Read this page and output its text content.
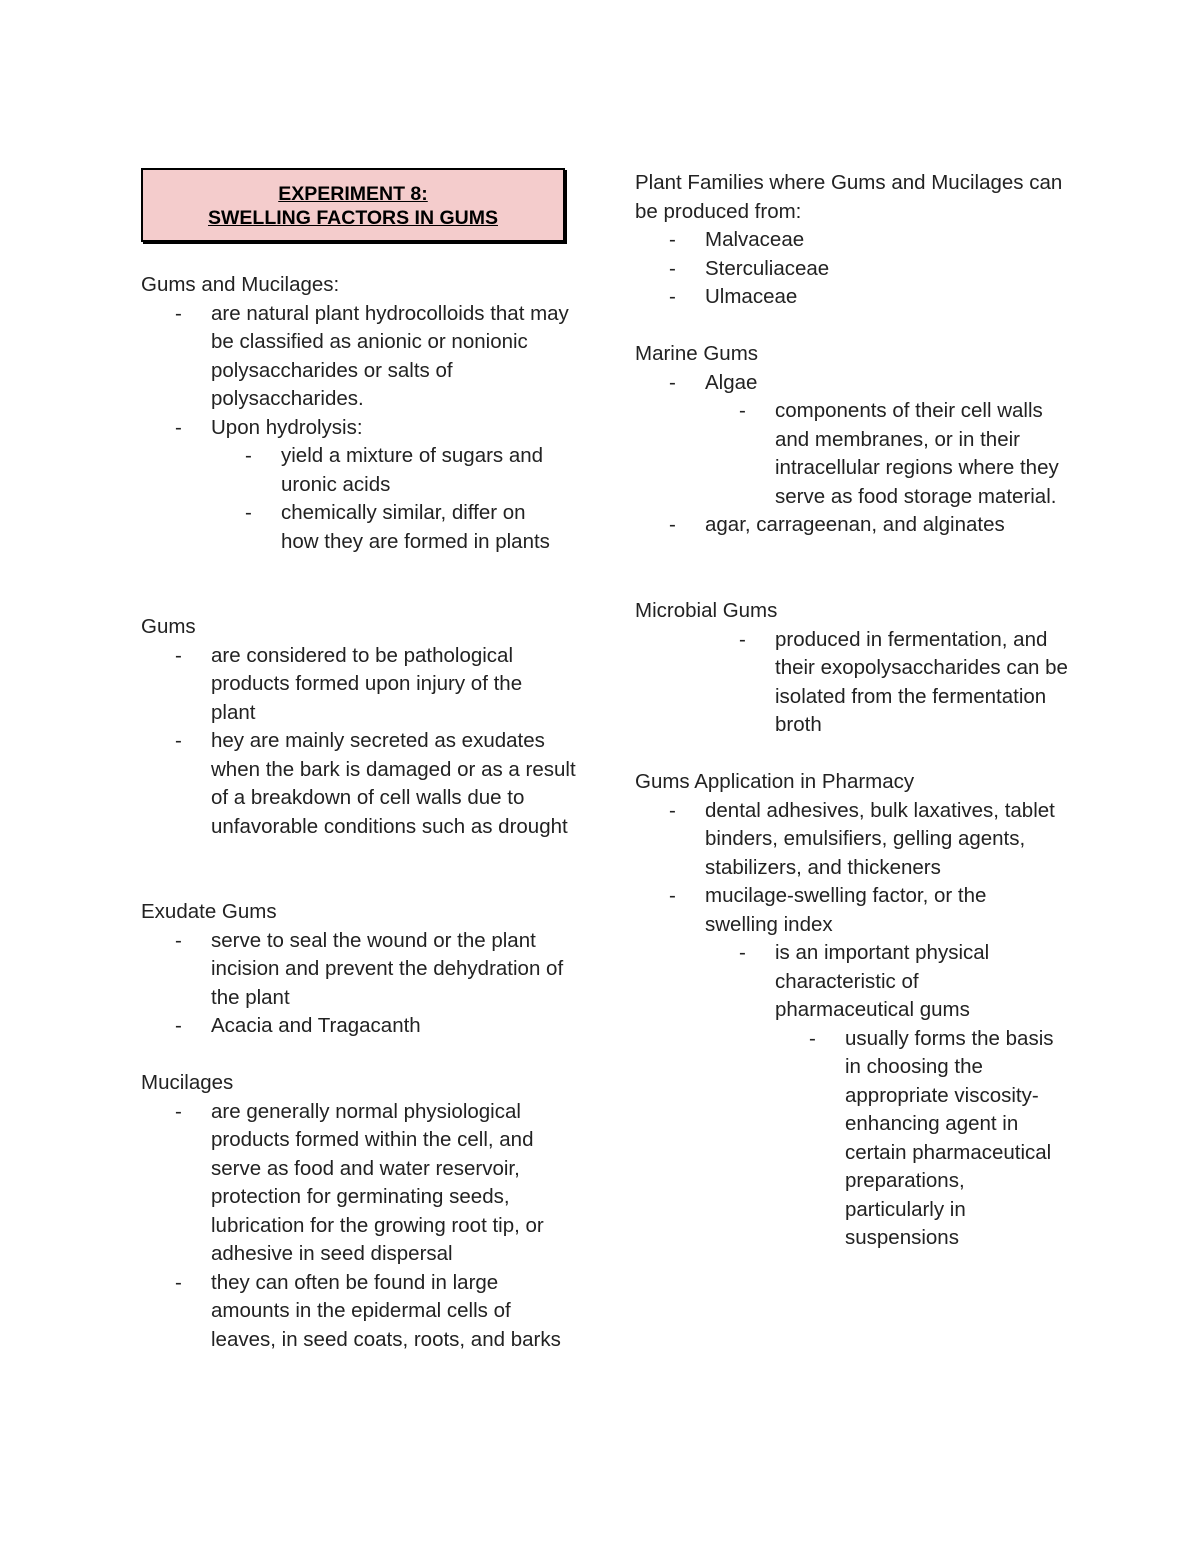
EXPERIMENT 8:
SWELLING FACTORS IN GUMS
Gums and Mucilages:
- are natural plant hydrocolloids that may be classified as anionic or nonionic polysaccharides or salts of polysaccharides.
- Upon hydrolysis:
- yield a mixture of sugars and uronic acids
- chemically similar, differ on how they are formed in plants
Gums
- are considered to be pathological products formed upon injury of the plant
- hey are mainly secreted as exudates when the bark is damaged or as a result of a breakdown of cell walls due to unfavorable conditions such as drought
Exudate Gums
- serve to seal the wound or the plant incision and prevent the dehydration of the plant
- Acacia and Tragacanth
Mucilages
- are generally normal physiological products formed within the cell, and serve as food and water reservoir, protection for germinating seeds, lubrication for the growing root tip, or adhesive in seed dispersal
- they can often be found in large amounts in the epidermal cells of leaves, in seed coats, roots, and barks
Plant Families where Gums and Mucilages can be produced from:
- Malvaceae
- Sterculiaceae
- Ulmaceae
Marine Gums
- Algae
- components of their cell walls and membranes, or in their intracellular regions where they serve as food storage material.
- agar, carrageenan, and alginates
Microbial Gums
- produced in fermentation, and their exopolysaccharides can be isolated from the fermentation broth
Gums Application in Pharmacy
- dental adhesives, bulk laxatives, tablet binders, emulsifiers, gelling agents, stabilizers, and thickeners
- mucilage-swelling factor, or the swelling index
- is an important physical characteristic of pharmaceutical gums
- usually forms the basis in choosing the appropriate viscosity-enhancing agent in certain pharmaceutical preparations, particularly in suspensions
